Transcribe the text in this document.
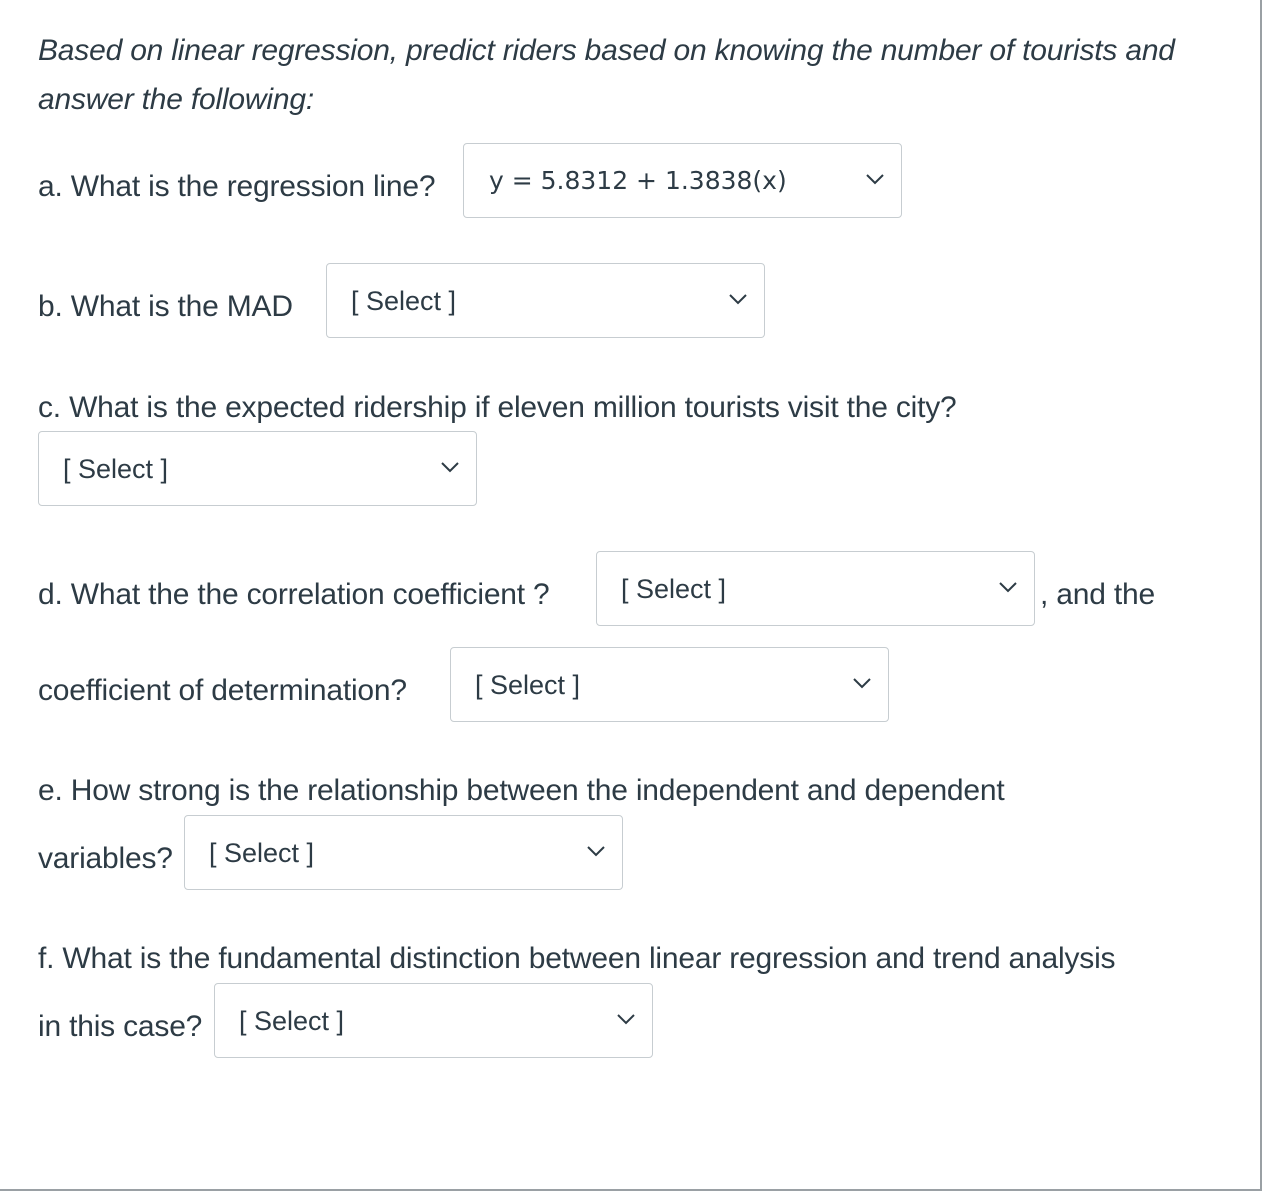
Based on linear regression, predict riders based on knowing the number of tourists and answer the following:
a. What is the regression line? y = 5.8312 + 1.3838(x)
b. What is the MAD [ Select ]
c. What is the expected ridership if eleven million tourists visit the city?
[ Select ]
d. What the the correlation coefficient ?	[ Select ]	, and the
coefficient of determination?	[ Select ]
e. How strong is the relationship between the independent and dependent
variables? [ Select ]
f. What is the fundamental distinction between linear regression and trend analysis
in this case? [ Select ]
